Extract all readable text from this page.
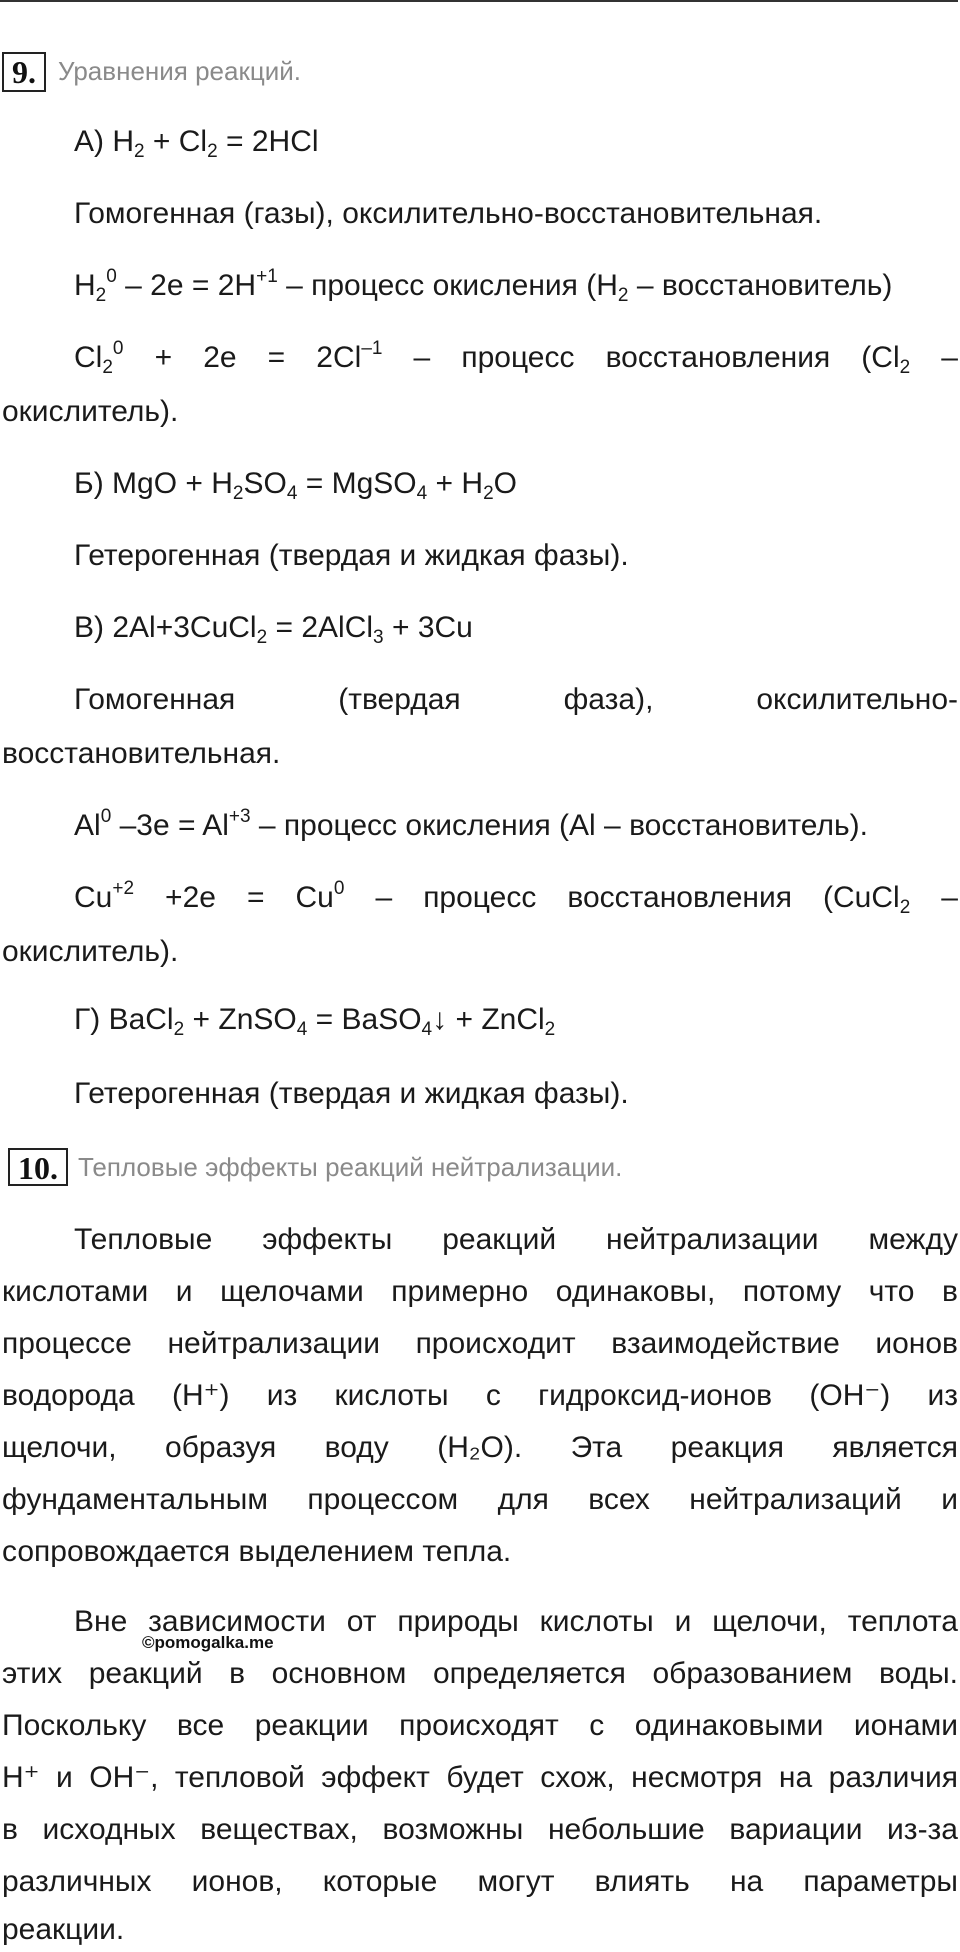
9. Уравнения реакций.
А) $H_2 + Cl_2 = 2HCl$
Гомогенная (газы), оксилительно-восстановительная.
$H_2^0 - 2e = 2H^{+1}$ – процесс окисления ($H_2$ – восстановитель)
$Cl_2^0 + 2e = 2Cl^{-1}$ – процесс восстановления ($Cl_2$ –
окислитель).
Б) MgO + $H_2SO_4$ = MgSO$_4$ + $H_2O$
Гетерогенная (твердая и жидкая фазы).
В) 2Al+3CuCl$_2$ = 2AlCl$_3$ + 3Cu
Гомогенная (твердая фаза), оксилительно-
восстановительная.
Al$^0$ $-3e = Al^{+3}$ – процесс окисления (Al – восстановитель).
$Cu^{+2} +2e = Cu^0$ – процесс восстановления (CuCl$_2$ –
окислитель).
Г) BaCl$_2$ + ZnSO$_4$ = BaSO$_4$↓ + ZnCl$_2$
Гетерогенная (твердая и жидкая фазы).
10. Тепловые эффекты реакций нейтрализации.
Тепловые эффекты реакций нейтрализации между
кислотами и щелочами примерно одинаковы, потому что в
процессе нейтрализации происходит взаимодействие ионов
водорода (H⁺) из кислоты с гидроксид-ионов (OH⁻) из
щелочи, образуя воду (H₂O). Эта реакция является
фундаментальным процессом для всех нейтрализаций и
сопровождается выделением тепла.
Вне зависимости от природы кислоты и щелочи, теплота
этих реакций в основном определяется образованием воды.
Поскольку все реакции происходят с одинаковыми ионами
H⁺ и OH⁻, тепловой эффект будет схож, несмотря на различия
в исходных веществах, возможны небольшие вариации из-за
различных ионов, которые могут влиять на параметры
реакции.
©pomogalka.me
